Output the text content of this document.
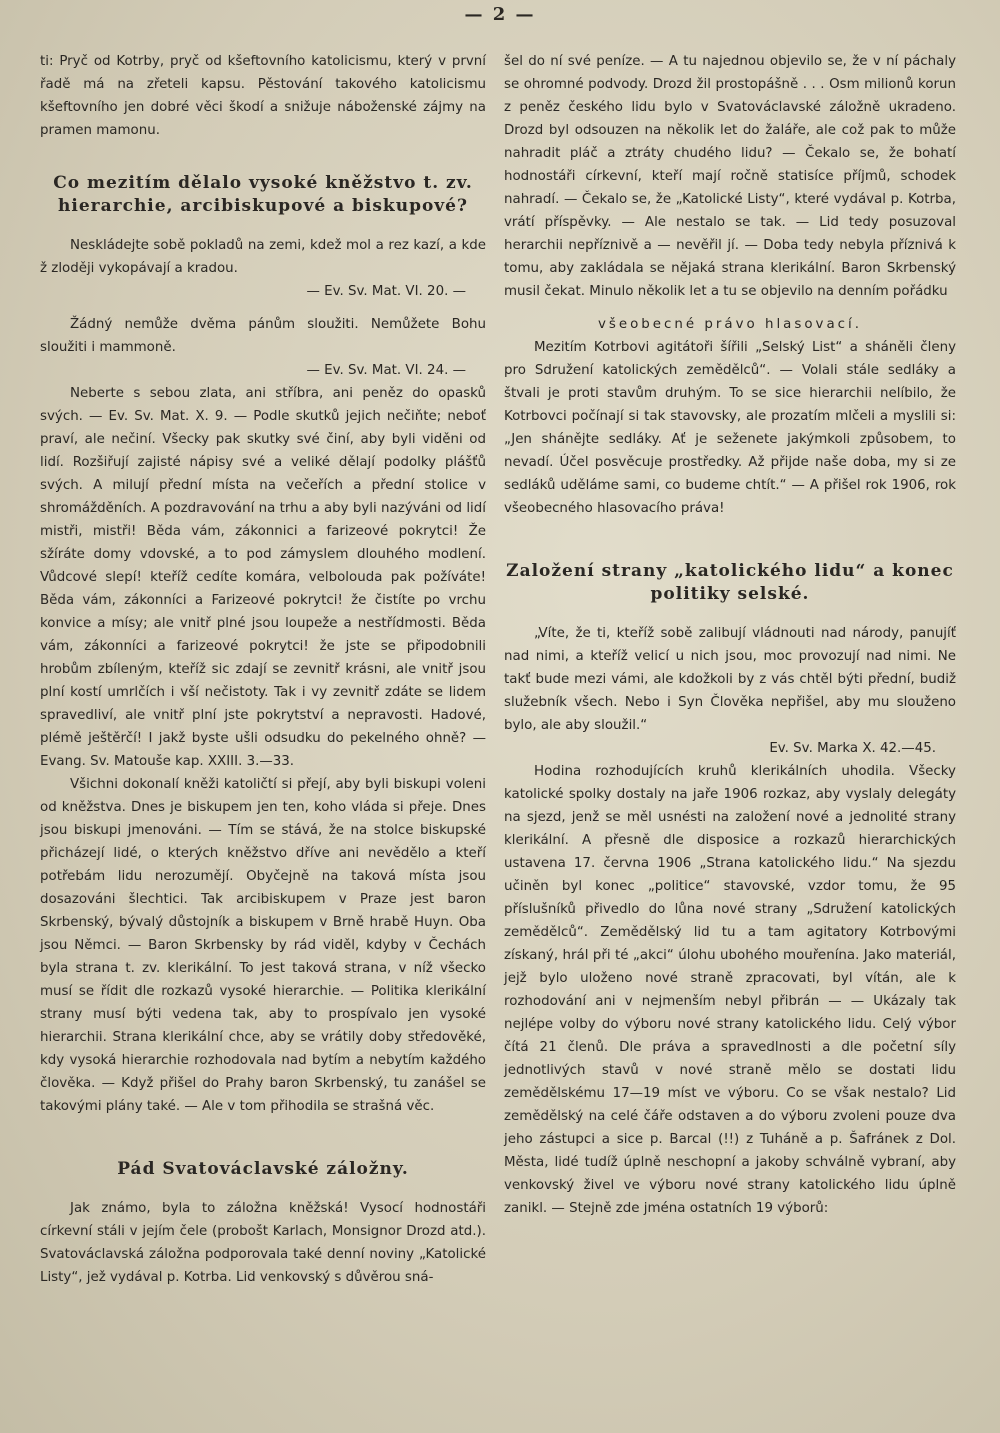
— 2 —

ti: Pryč od Kotrby, pryč od kšeftovního katolicismu, který v první řadě má na zřeteli kapsu. Pěstování takového katolicismu kšeftovního jen dobré věci škodí a snižuje náboženské zájmy na pramen mamonu.

Co mezitím dělalo vysoké kněžstvo t. zv. hierarchie, arcibiskupové a biskupové?

Neskládejte sobě pokladů na zemi, kdež mol a rez kazí, a kde ž zloději vykopávají a kradou.

— Ev. Sv. Mat. VI. 20. —

Žádný nemůže dvěma pánům sloužiti. Nemůžete Bohu sloužiti i mammoně.

— Ev. Sv. Mat. VI. 24. —

Neberte s sebou zlata, ani stříbra, ani peněz do opasků svých. — Ev. Sv. Mat. X. 9. — Podle skutků jejich nečiňte; neboť praví, ale nečiní. Všecky pak skutky své činí, aby byli viděni od lidí. Rozšiřují zajisté nápisy své a veliké dělají podolky plášťů svých. A milují přední místa na večeřích a přední stolice v shromážděních. A pozdravování na trhu a aby byli nazýváni od lidí mistři, mistři! Běda vám, zákonnici a farizeové pokrytci! Že sžíráte domy vdovské, a to pod zámyslem dlouhého modlení. Vůdcové slepí! kteříž cedíte komára, velbolouda pak požíváte! Běda vám, zákonníci a Farizeové pokrytci! že čistíte po vrchu konvice a mísy; ale vnitř plné jsou loupeže a nestřídmosti. Běda vám, zákonníci a farizeové pokrytci! že jste se připodobnili hrobům zbíleným, kteříž sic zdají se zevnitř krásni, ale vnitř jsou plní kostí umrlčích i vší nečistoty. Tak i vy zevnitř zdáte se lidem spravedliví, ale vnitř plní jste pokrytství a nepravosti. Hadové, plémě ještěrčí! I jakž byste ušli odsudku do pekelného ohně? — Evang. Sv. Matouše kap. XXIII. 3.—33.

Všichni dokonalí kněži katoličtí si přejí, aby byli biskupi voleni od kněžstva. Dnes je biskupem jen ten, koho vláda si přeje. Dnes jsou biskupi jmenováni. — Tím se stává, že na stolce biskupské přicházejí lidé, o kterých kněžstvo dříve ani nevědělo a kteří potřebám lidu nerozumějí. Obyčejně na taková místa jsou dosazováni šlechtici. Tak arcibiskupem v Praze jest baron Skrbenský, bývalý důstojník a biskupem v Brně hrabě Huyn. Oba jsou Němci. — Baron Skrbensky by rád viděl, kdyby v Čechách byla strana t. zv. klerikální. To jest taková strana, v níž všecko musí se řídit dle rozkazů vysoké hierarchie. — Politika klerikální strany musí býti vedena tak, aby to prospívalo jen vysoké hierarchii. Strana klerikální chce, aby se vrátily doby středověké, kdy vysoká hierarchie rozhodovala nad bytím a nebytím každého člověka. — Když přišel do Prahy baron Skrbenský, tu zanášel se takovými plány také. — Ale v tom přihodila se strašná věc.

Pád Svatováclavské záložny.

Jak známo, byla to záložna kněžská! Vysocí hodnostáři církevní stáli v jejím čele (probošt Karlach, Monsignor Drozd atd.). Svatováclavská záložna podporovala také denní noviny „Katolické Listy“, jež vydával p. Kotrba. Lid venkovský s důvěrou sná-

šel do ní své peníze. — A tu najednou objevilo se, že v ní páchaly se ohromné podvody. Drozd žil prostopášně . . . Osm milionů korun z peněz českého lidu bylo v Svatováclavské záložně ukradeno. Drozd byl odsouzen na několik let do žaláře, ale což pak to může nahradit pláč a ztráty chudého lidu? — Čekalo se, že bohatí hodnostáři církevní, kteří mají ročně statisíce příjmů, schodek nahradí. — Čekalo se, že „Katolické Listy“, které vydával p. Kotrba, vrátí příspěvky. — Ale nestalo se tak. — Lid tedy posuzoval herarchii nepříznivě a — nevěřil jí. — Doba tedy nebyla příznivá k tomu, aby zakládala se nějaká strana klerikální. Baron Skrbenský musil čekat. Minulo několik let a tu se objevilo na denním pořádku

všeobecné právo hlasovací.

Mezitím Kotrbovi agitátoři šířili „Selský List“ a sháněli členy pro Sdružení katolických zemědělců“. — Volali stále sedláky a štvali je proti stavům druhým. To se sice hierarchii nelíbilo, že Kotrbovci počínají si tak stavovsky, ale prozatím mlčeli a myslili si: „Jen sháněјte sedláky. Ať je seženete jakýmkoli způsobem, to nevadí. Účel posvěcuje prostředky. Až přijde naše doba, my si ze sedláků uděláme sami, co budeme chtít.“ — A přišel rok 1906, rok všeobecného hlasovacího práva!

Založení strany „katolického lidu“ a konec politiky selské.

„Víte, že ti, kteříž sobě zalibují vládnouti nad národy, panujíť nad nimi, a kteříž velicí u nich jsou, moc provozují nad nimi. Ne takť bude mezi vámi, ale kdožkoli by z vás chtěl býti přední, budiž služebník všech. Nebo i Syn Člověka nepřišel, aby mu slouženo bylo, ale aby sloužil.“

Ev. Sv. Marka X. 42.—45.

Hodina rozhodujících kruhů klerikálních uhodila. Všecky katolické spolky dostaly na jaře 1906 rozkaz, aby vyslaly delegáty na sjezd, jenž se měl usnésti na založení nové a jednolité strany klerikální. A přesně dle disposice a rozkazů hierarchických ustavena 17. června 1906 „Strana katolického lidu.“ Na sjezdu učiněn byl konec „politice“ stavovské, vzdor tomu, že 95 příslušníků přivedlo do lůna nové strany „Sdružení katolických zemědělců“. Zemědělský lid tu a tam agitatory Kotrbovými získaný, hrál při té „akci“ úlohu ubohého mouřenína. Jako materiál, jejž bylo uloženo nové straně zpracovati, byl vítán, ale k rozhodování ani v nejmenším nebyl přibrán — — Ukázaly tak nejlépe volby do výboru nové strany katolického lidu. Celý výbor čítá 21 členů. Dle práva a spravedlnosti a dle početní síly jednotlivých stavů v nové straně mělo se dostati lidu zemědělskému 17—19 míst ve výboru. Co se však nestalo? Lid zemědělský na celé čáře odstaven a do výboru zvoleni pouze dva jeho zástupci a sice p. Barcal (!!) z Tuháně a p. Šafránek z Dol. Města, lidé tudíž úplně neschopní a jakoby schválně vybraní, aby venkovský živel ve výboru nové strany katolického lidu úplně zanikl. — Stejně zde jména ostatních 19 výborů:
